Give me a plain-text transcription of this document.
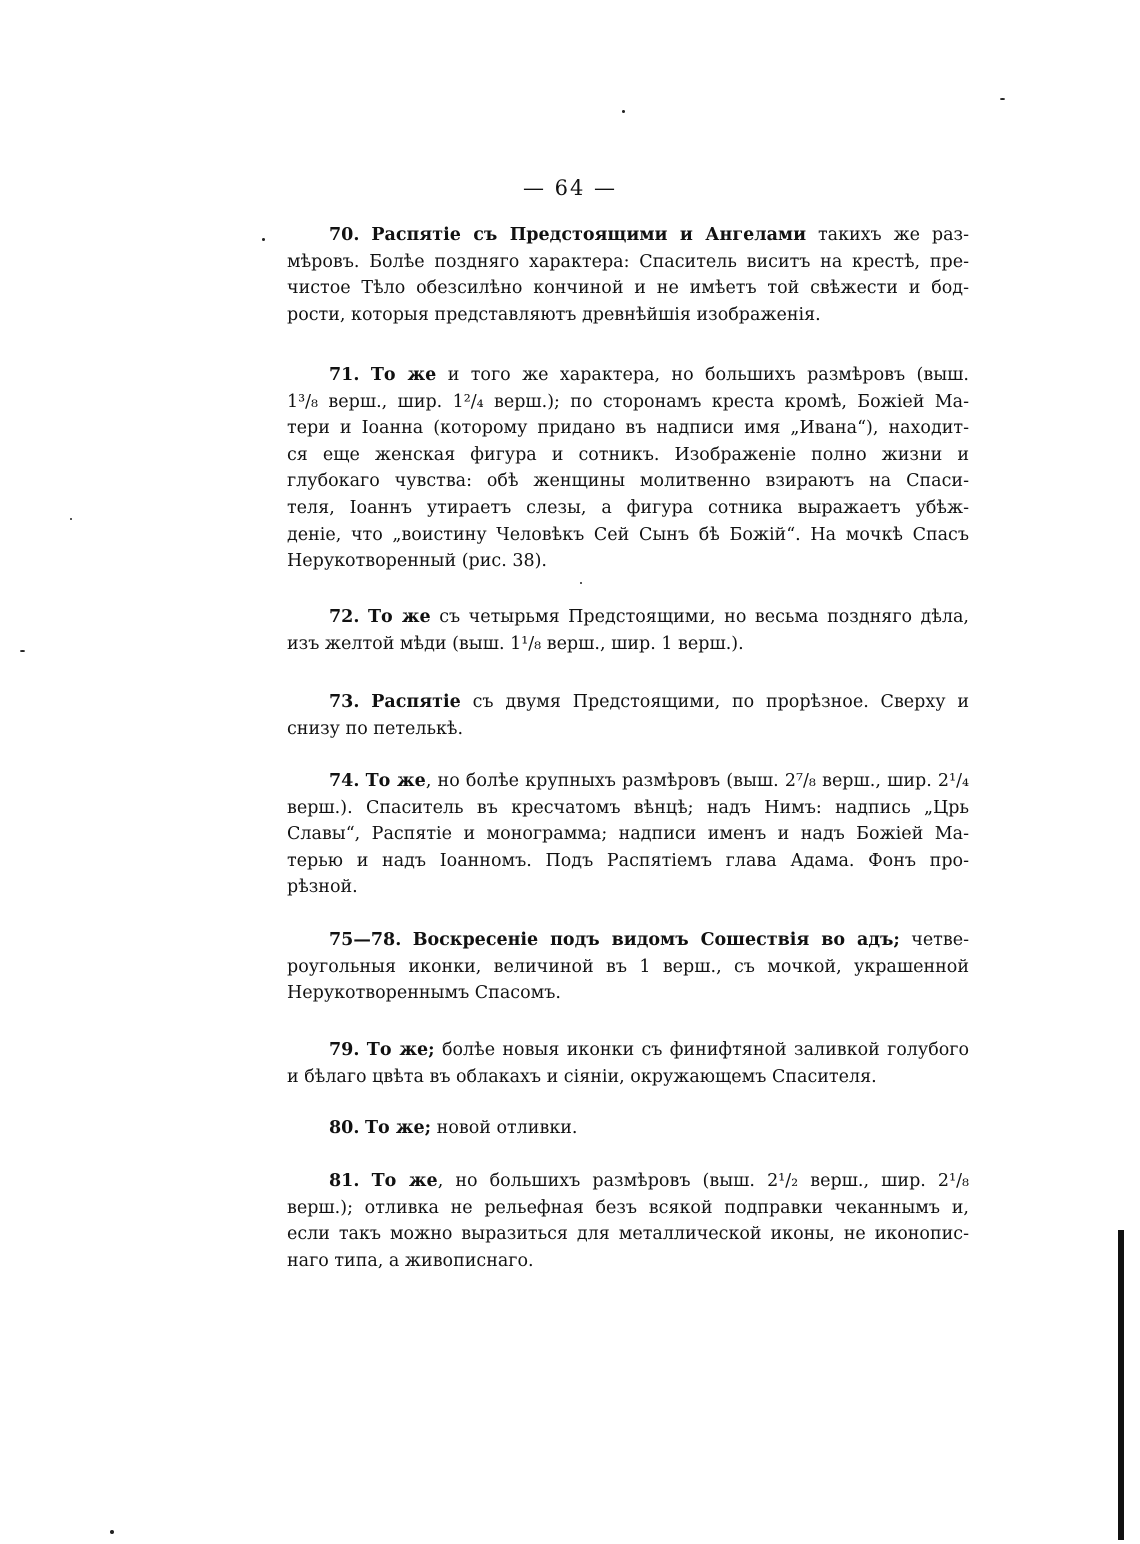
— 64 —

70. Распятіе съ Предстоящими и Ангелами такихъ же раз-

мѣровъ. Болѣе поздняго характера: Спаситель виситъ на крестѣ, пре-

чистое Тѣло обезсилѣно кончиной и не имѣетъ той свѣжести и бод-

рости, которыя представляютъ древнѣйшія изображенія.

71. То же и того же характера, но большихъ размѣровъ (выш.

1³/₈ верш., шир. 1²/₄ верш.); по сторонамъ креста кромѣ, Божіей Ма-

тери и Іоанна (которому придано въ надписи имя „Ивана“), находит-

ся еще женская фигура и сотникъ. Изображеніе полно жизни и

глубокаго чувства: обѣ женщины молитвенно взираютъ на Спаси-

теля, Іоаннъ утираетъ слезы, а фигура сотника выражаетъ убѣж-

деніе, что „воистину Человѣкъ Сей Сынъ бѣ Божій“. На мочкѣ Спасъ

Нерукотворенный (рис. 38).

72. То же съ четырьмя Предстоящими, но весьма поздняго дѣла,

изъ желтой мѣди (выш. 1¹/₈ верш., шир. 1 верш.).

73. Распятіе съ двумя Предстоящими, по прорѣзное. Сверху и

снизу по петелькѣ.

74. То же, но болѣе крупныхъ размѣровъ (выш. 2⁷/₈ верш., шир. 2¹/₄

верш.). Спаситель въ кресчатомъ вѣнцѣ; надъ Нимъ: надпись „Црь

Славы“, Распятіе и монограмма; надписи именъ и надъ Божіей Ма-

терью и надъ Іоанномъ. Подъ Распятіемъ глава Адама. Фонъ про-

рѣзной.

75—78. Воскресеніе подъ видомъ Сошествія во адъ; четве-

роугольныя иконки, величиной въ 1 верш., съ мочкой, украшенной

Нерукотвореннымъ Спасомъ.

79. То же; болѣе новыя иконки съ финифтяной заливкой голубого

и бѣлаго цвѣта въ облакахъ и сіяніи, окружающемъ Спасителя.

80. То же; новой отливки.

81. То же, но большихъ размѣровъ (выш. 2¹/₂ верш., шир. 2¹/₈

верш.); отливка не рельефная безъ всякой подправки чеканнымъ и,

если такъ можно выразиться для металлической иконы, не иконопис-

наго типа, а живописнаго.
